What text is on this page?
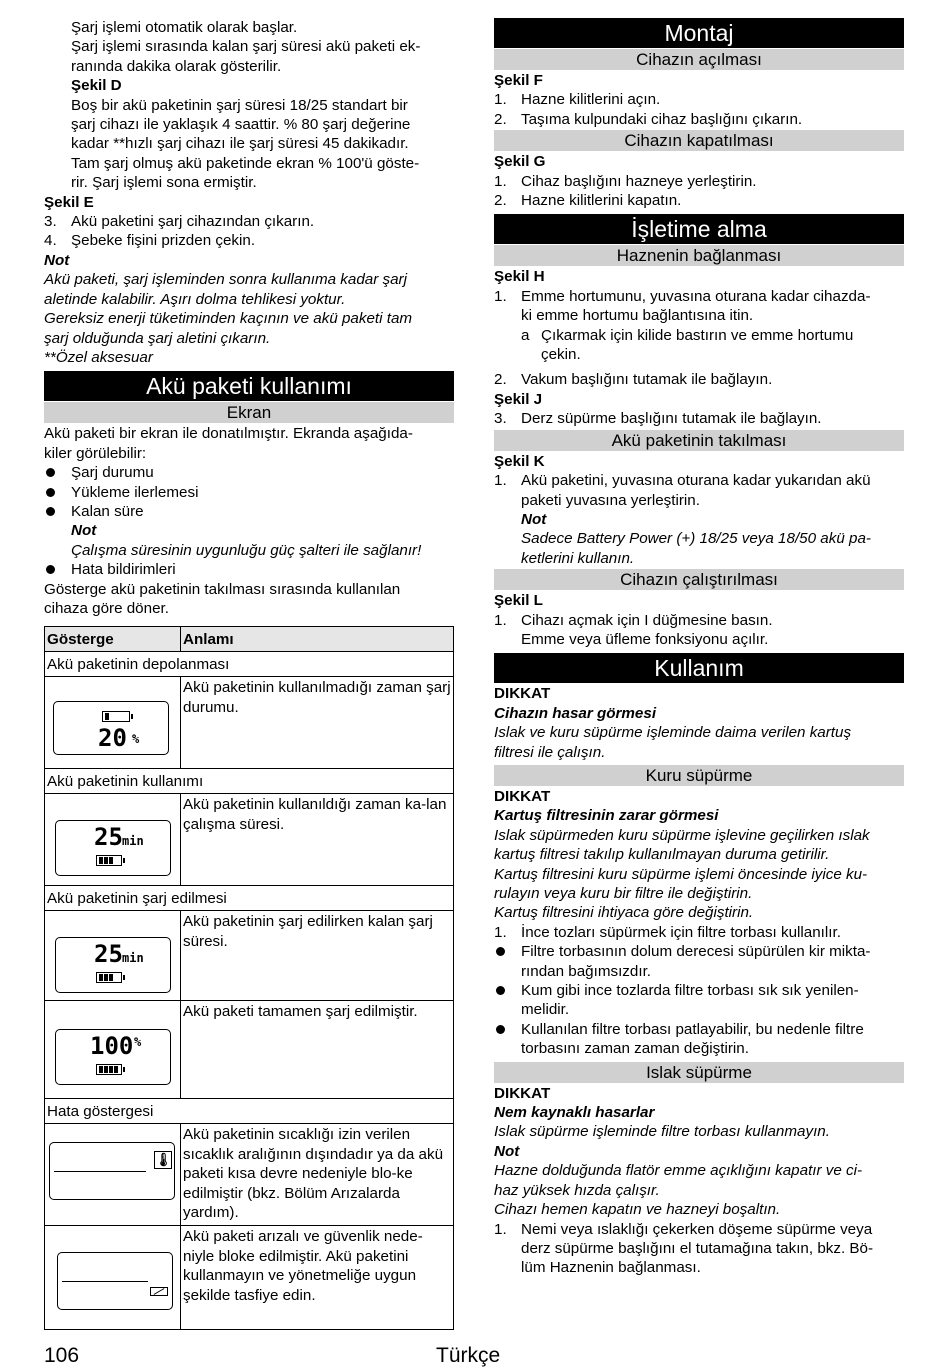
Şarj işlemi otomatik olarak başlar.
Şarj işlemi sırasında kalan şarj süresi akü paketi ek-
ranında dakika olarak gösterilir.
Şekil D
Boş bir akü paketinin şarj süresi 18/25 standart bir
şarj cihazı ile yaklaşık 4 saattir. % 80 şarj değerine
kadar **hızlı şarj cihazı ile şarj süresi 45 dakikadır.
Tam şarj olmuş akü paketinde ekran % 100'ü göste-
rir. Şarj işlemi sona ermiştir.
Şekil E
3. Akü paketini şarj cihazından çıkarın.
4. Şebeke fişini prizden çekin.
Not
Akü paketi, şarj işleminden sonra kullanıma kadar şarj
aletinde kalabilir. Aşırı dolma tehlikesi yoktur.
Gereksiz enerji tüketiminden kaçının ve akü paketi tam
şarj olduğunda şarj aletini çıkarın.
**Özel aksesuar
Akü paketi kullanımı
Ekran
Akü paketi bir ekran ile donatılmıştır. Ekranda aşağıda-
kiler görülebilir:
Şarj durumu
Yükleme ilerlemesi
Kalan süre
Not
Çalışma süresinin uygunluğu güç şalteri ile sağlanır!
Hata bildirimleri
Gösterge akü paketinin takılması sırasında kullanılan
cihaza göre döner.
Gösterge	Anlamı
Akü paketinin depolanması	

20 %	Akü paketinin kullanılmadığı zaman şarj durumu.
Akü paketinin kullanımı	

25 min	Akü paketinin kullanıldığı zaman ka-lan çalışma süresi.
Akü paketinin şarj edilmesi	

25 min	Akü paketinin şarj edilirken kalan şarj süresi.

100 %	Akü paketi tamamen şarj edilmiştir.
Hata göstergesi	

🌡	Akü paketinin sıcaklığı izin verilen sıcaklık aralığının dışındadır ya da akü paketi kısa devre nedeniyle blo-ke edilmiştir (bkz. Bölüm Arızalarda yardım).

	Akü paketi arızalı ve güvenlik nede-niyle bloke edilmiştir. Akü paketini kullanmayın ve yönetmeliğe uygun şekilde tasfiye edin.
Montaj
Cihazın açılması
Şekil F
1. Hazne kilitlerini açın.
2. Taşıma kulpundaki cihaz başlığını çıkarın.
Cihazın kapatılması
Şekil G
1. Cihaz başlığını hazneye yerleştirin.
2. Hazne kilitlerini kapatın.
İşletime alma
Haznenin bağlanması
Şekil H
1. Emme hortumunu, yuvasına oturana kadar cihazda-
ki emme hortumu bağlantısına itin.
a Çıkarmak için kilide bastırın ve emme hortumu
çekin.
2. Vakum başlığını tutamak ile bağlayın.
Şekil J
3. Derz süpürme başlığını tutamak ile bağlayın.
Akü paketinin takılması
Şekil K
1. Akü paketini, yuvasına oturana kadar yukarıdan akü
paketi yuvasına yerleştirin.
Not
Sadece Battery Power (+) 18/25 veya 18/50 akü pa-
ketlerini kullanın.
Cihazın çalıştırılması
Şekil L
1. Cihazı açmak için I düğmesine basın.
Emme veya üfleme fonksiyonu açılır.
Kullanım
DIKKAT
Cihazın hasar görmesi
Islak ve kuru süpürme işleminde daima verilen kartuş
filtresi ile çalışın.
Kuru süpürme
DIKKAT
Kartuş filtresinin zarar görmesi
Islak süpürmeden kuru süpürme işlevine geçilirken ıslak
kartuş filtresi takılıp kullanılmayan duruma getirilir.
Kartuş filtresini kuru süpürme işlemi öncesinde iyice ku-
rulayın veya kuru bir filtre ile değiştirin.
Kartuş filtresini ihtiyaca göre değiştirin.
1. İnce tozları süpürmek için filtre torbası kullanılır.
Filtre torbasının dolum derecesi süpürülen kir mikta-
rından bağımsızdır.
Kum gibi ince tozlarda filtre torbası sık sık yenilen-
melidir.
Kullanılan filtre torbası patlayabilir, bu nedenle filtre
torbasını zaman zaman değiştirin.
Islak süpürme
DIKKAT
Nem kaynaklı hasarlar
Islak süpürme işleminde filtre torbası kullanmayın.
Not
Hazne dolduğunda flatör emme açıklığını kapatır ve ci-
haz yüksek hızda çalışır.
Cihazı hemen kapatın ve hazneyi boşaltın.
1. Nemi veya ıslaklığı çekerken döşeme süpürme veya
derz süpürme başlığını el tutamağına takın, bkz. Bö-
lüm Haznenin bağlanması.
106	Türkçe
